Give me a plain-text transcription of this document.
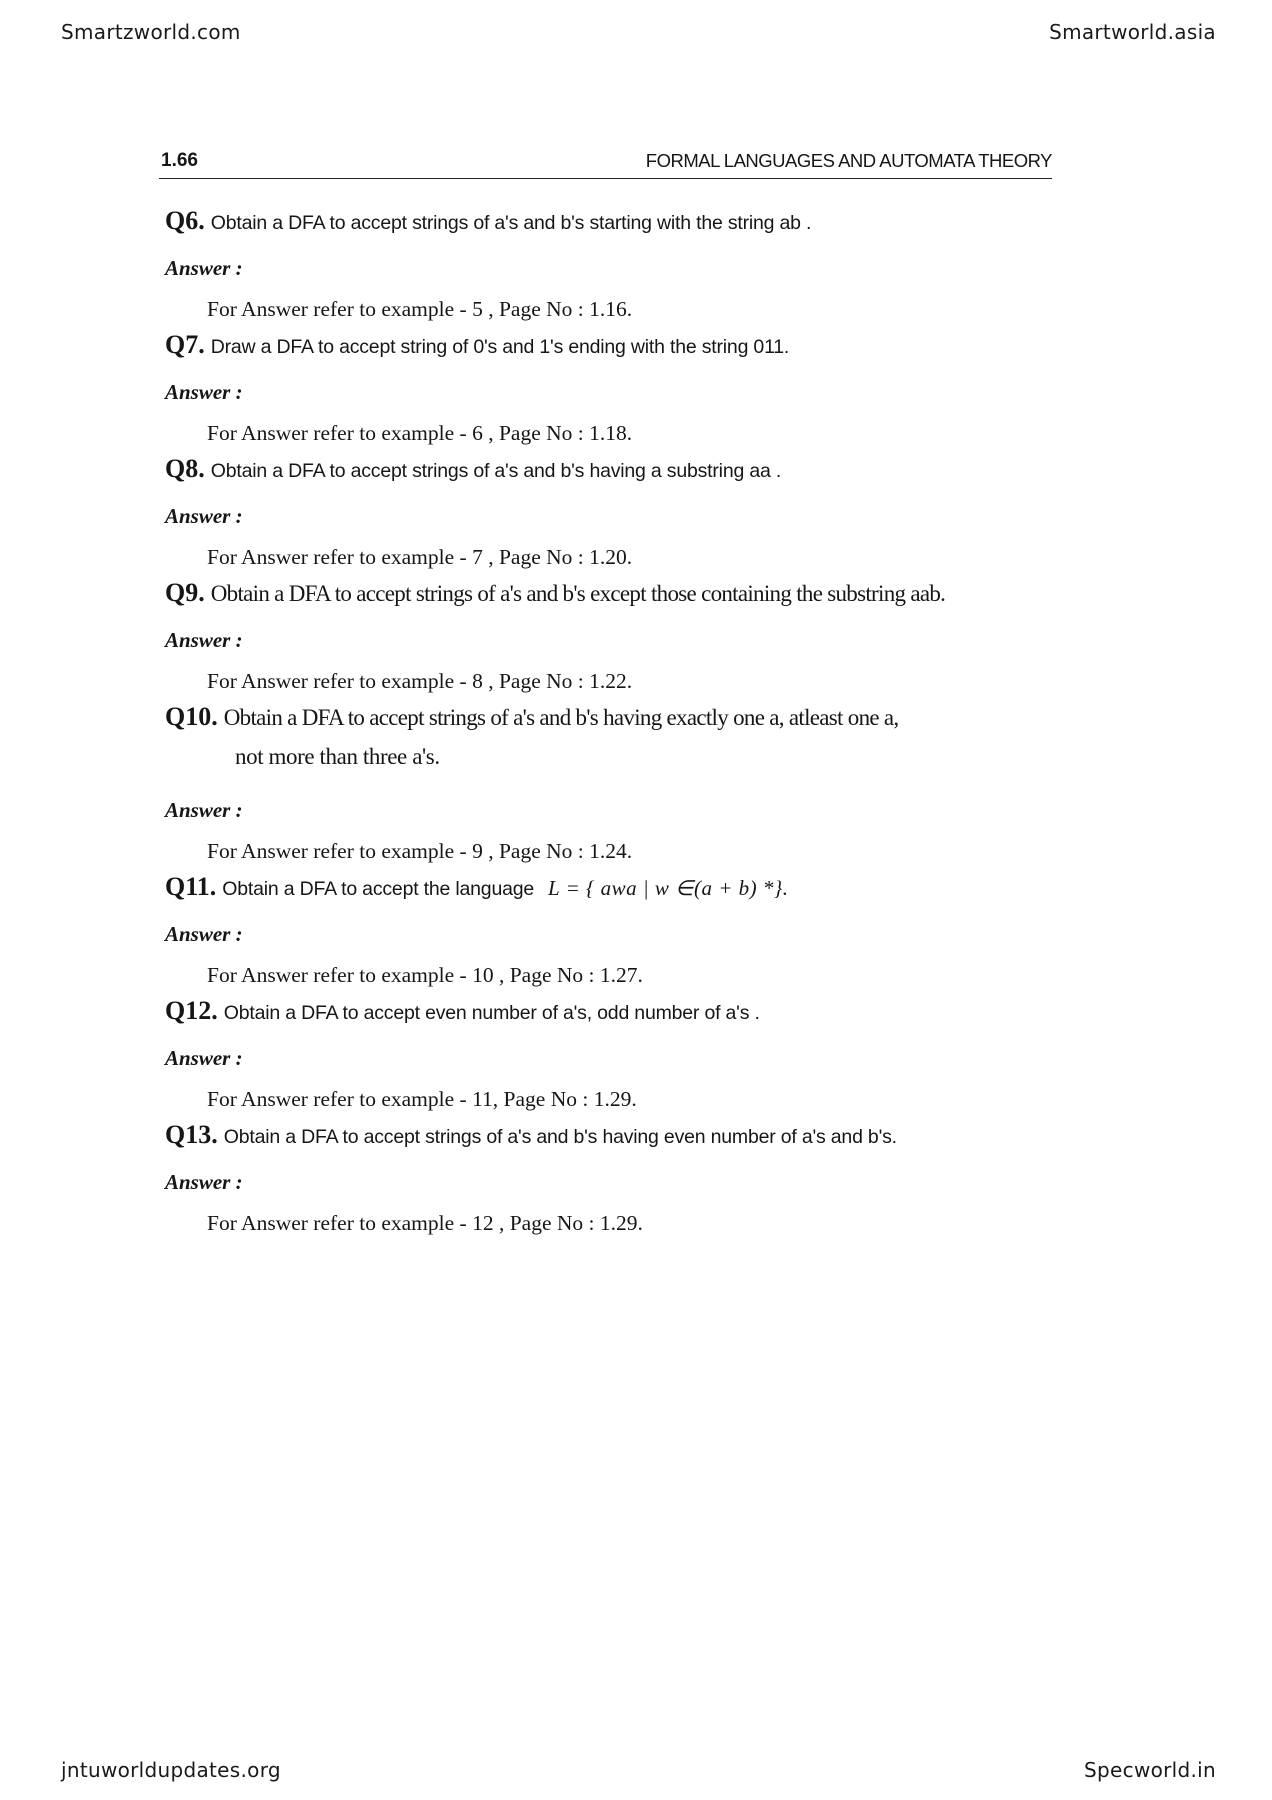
Smartzworld.com	Smartworld.asia
1.66	FORMAL LANGUAGES AND AUTOMATA THEORY
Q6. Obtain a DFA to accept strings of a's and b's starting with the string ab .
Answer :
For Answer refer to example - 5 , Page No : 1.16.
Q7. Draw a DFA to accept string of 0's and 1's ending with the string 011.
Answer :
For Answer refer to example - 6 , Page No : 1.18.
Q8. Obtain a DFA to accept strings of a's and b's having a substring aa .
Answer :
For Answer refer to example - 7 , Page No : 1.20.
Q9. Obtain a DFA to accept strings of a's and b's except those containing the substring aab.
Answer :
For Answer refer to example - 8 , Page No : 1.22.
Q10. Obtain a DFA to accept strings of a's and b's having exactly one a, atleast one a,
not more than three a's.
Answer :
For Answer refer to example - 9 , Page No : 1.24.
Q11. Obtain a DFA to accept the language L = { awa | w ∈(a + b) *}.
Answer :
For Answer refer to example - 10 , Page No : 1.27.
Q12. Obtain a DFA to accept even number of a's, odd number of a's .
Answer :
For Answer refer to example - 11, Page No : 1.29.
Q13. Obtain a DFA to accept strings of a's and b's having even number of a's and b's.
Answer :
For Answer refer to example - 12 , Page No : 1.29.
jntuworldupdates.org	Specworld.in
